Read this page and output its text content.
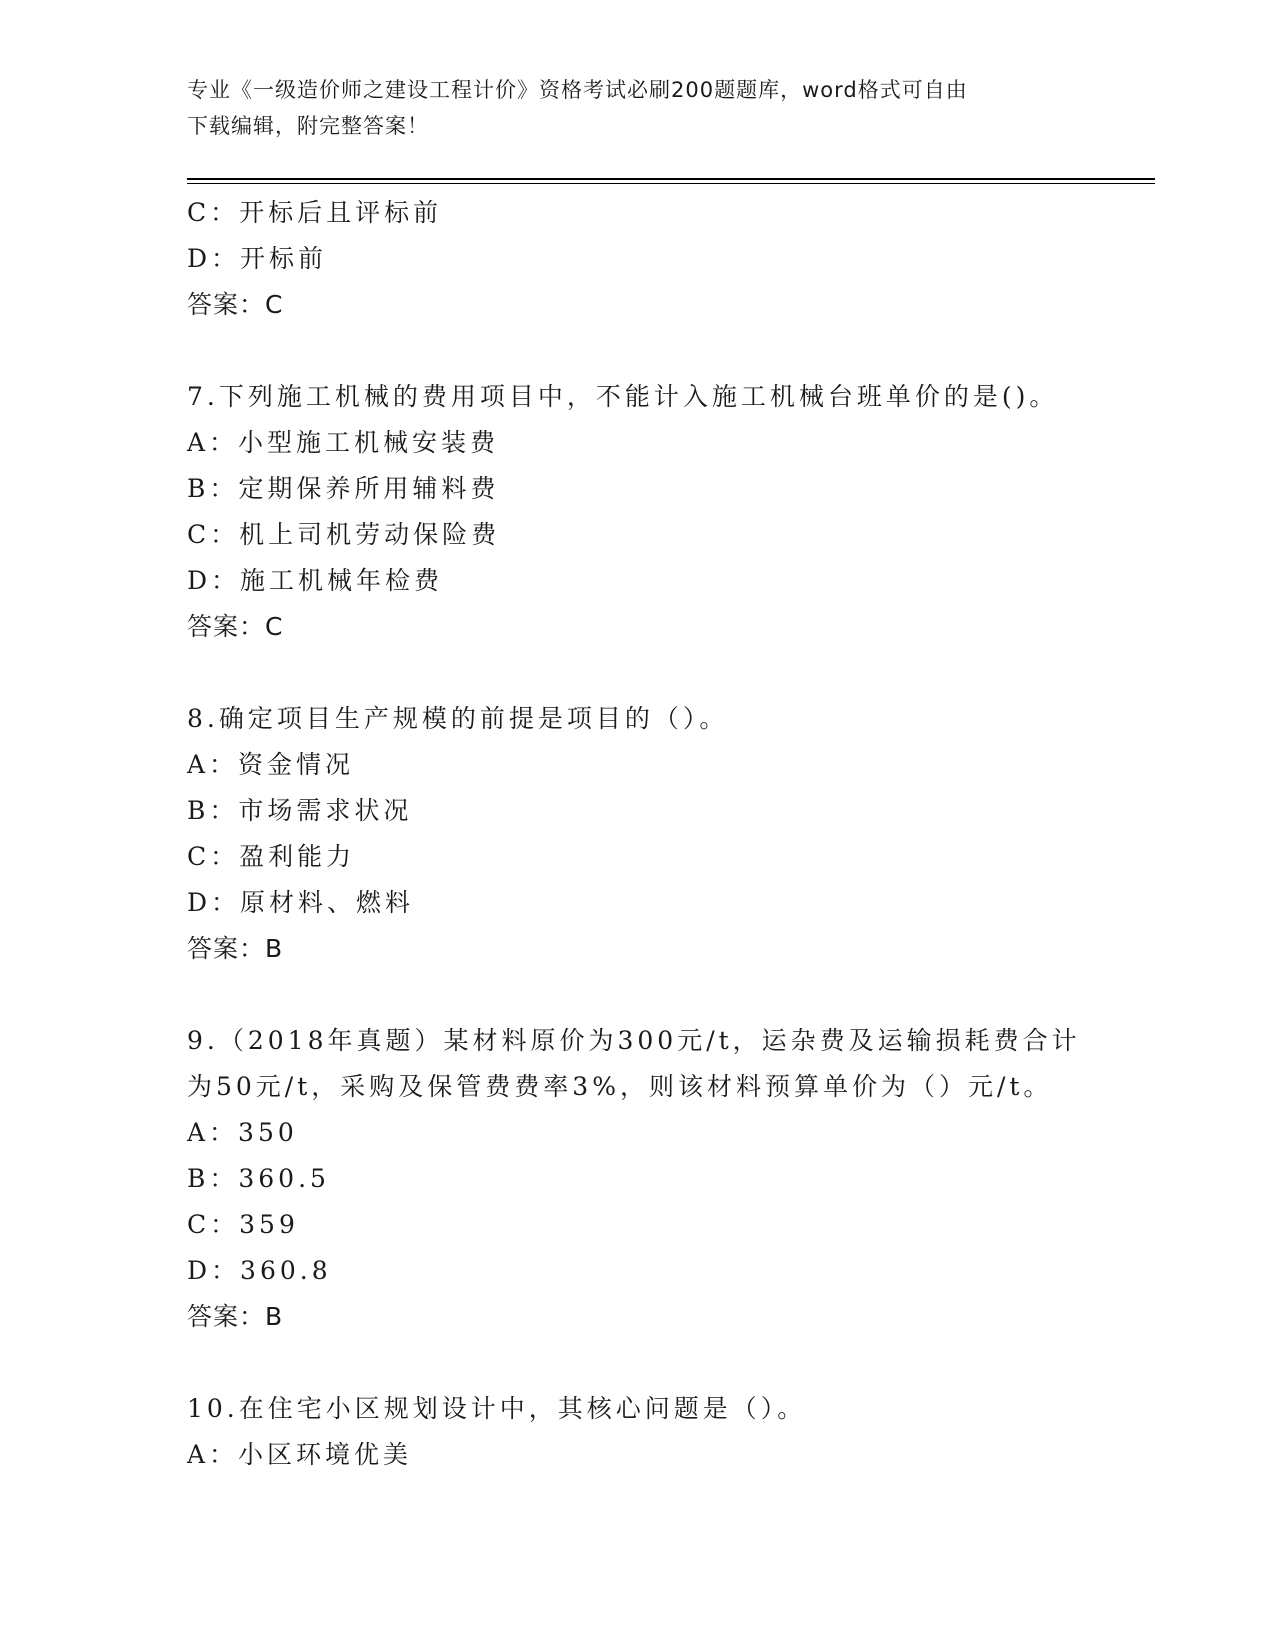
专业《一级造价师之建设工程计价》资格考试必刷200题题库，word格式可自由
下载编辑，附完整答案！
C：开标后且评标前
D：开标前
答案：C
7.下列施工机械的费用项目中，不能计入施工机械台班单价的是()。
A：小型施工机械安装费
B：定期保养所用辅料费
C：机上司机劳动保险费
D：施工机械年检费
答案：C
8.确定项目生产规模的前提是项目的（）。
A：资金情况
B：市场需求状况
C：盈利能力
D：原材料、燃料
答案：B
9.（2018年真题）某材料原价为300元/t，运杂费及运输损耗费合计
为50元/t，采购及保管费费率3%，则该材料预算单价为（）元/t。
A：350
B：360.5
C：359
D：360.8
答案：B
10.在住宅小区规划设计中，其核心问题是（）。
A：小区环境优美
